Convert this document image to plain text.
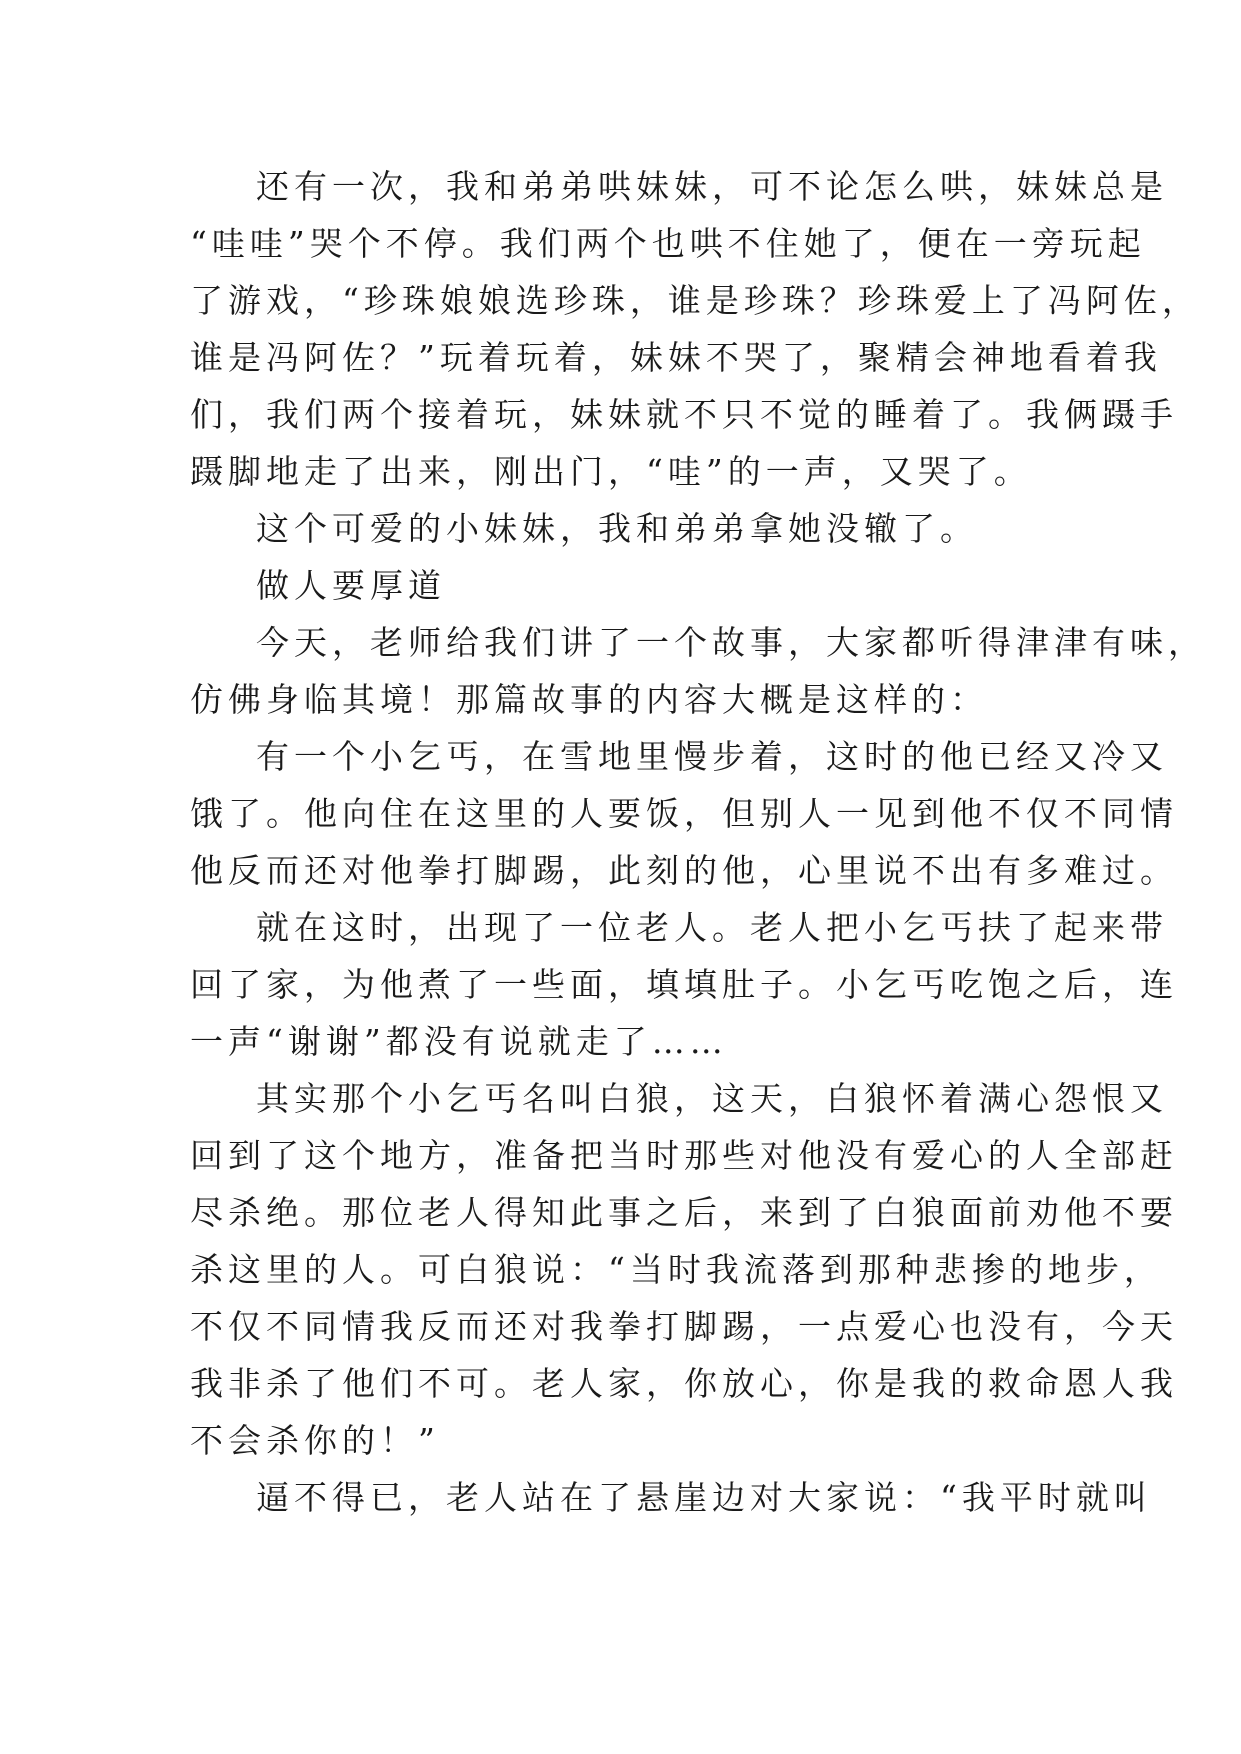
还有一次，我和弟弟哄妹妹，可不论怎么哄，妹妹总是
“哇哇”哭个不停。我们两个也哄不住她了，便在一旁玩起
了游戏，“珍珠娘娘选珍珠，谁是珍珠？珍珠爱上了冯阿佐，
谁是冯阿佐？”玩着玩着，妹妹不哭了，聚精会神地看着我
们，我们两个接着玩，妹妹就不只不觉的睡着了。我俩蹑手
蹑脚地走了出来，刚出门，“哇”的一声，又哭了。
这个可爱的小妹妹，我和弟弟拿她没辙了。
做人要厚道
今天，老师给我们讲了一个故事，大家都听得津津有味，
仿佛身临其境！那篇故事的内容大概是这样的：
有一个小乞丐，在雪地里慢步着，这时的他已经又冷又
饿了。他向住在这里的人要饭，但别人一见到他不仅不同情
他反而还对他拳打脚踢，此刻的他，心里说不出有多难过。
就在这时，出现了一位老人。老人把小乞丐扶了起来带
回了家，为他煮了一些面，填填肚子。小乞丐吃饱之后，连
一声“谢谢”都没有说就走了……
其实那个小乞丐名叫白狼，这天，白狼怀着满心怨恨又
回到了这个地方，准备把当时那些对他没有爱心的人全部赶
尽杀绝。那位老人得知此事之后，来到了白狼面前劝他不要
杀这里的人。可白狼说：“当时我流落到那种悲掺的地步，
不仅不同情我反而还对我拳打脚踢，一点爱心也没有，今天
我非杀了他们不可。老人家，你放心，你是我的救命恩人我
不会杀你的！”
逼不得已，老人站在了悬崖边对大家说：“我平时就叫
